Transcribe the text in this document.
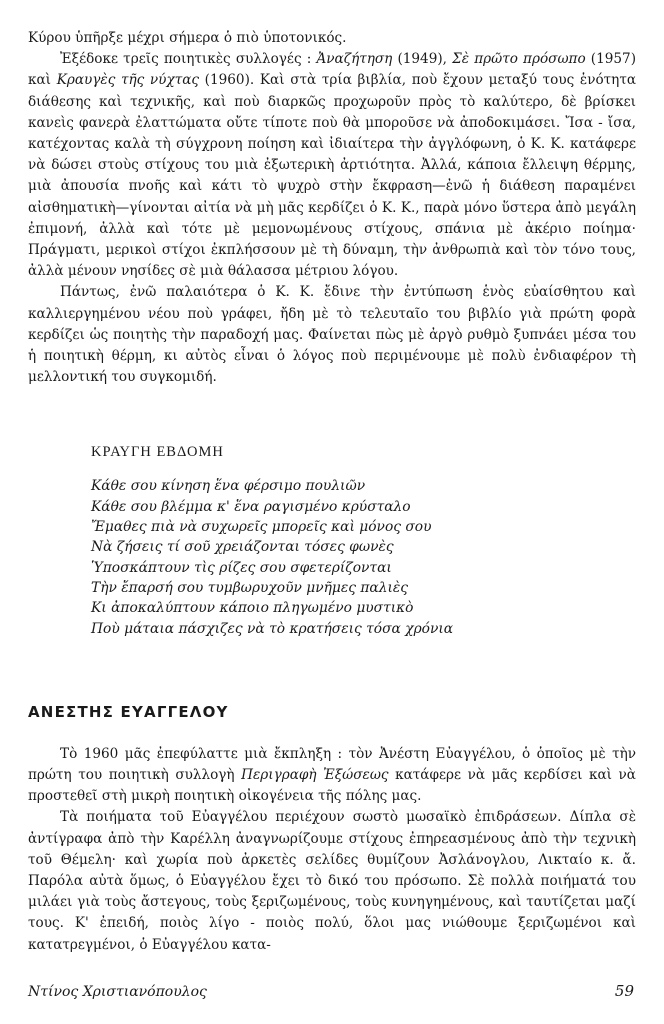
Κύρου ὑπῆρξε μέχρι σήμερα ὁ πιὸ ὑποτονικός.

Ἐξέδοκε τρεῖς ποιητικὲς συλλογές : Ἀναζήτηση (1949), Σὲ πρῶτο πρόσωπο (1957) καὶ Κραυγὲς τῆς νύχτας (1960). Καὶ στὰ τρία βιβλία, ποὺ ἔχουν μεταξύ τους ἑνότητα διάθεσης καὶ τεχνικῆς, καὶ ποὺ διαρκῶς προχωροῦν πρὸς τὸ καλύτερο, δὲ βρίσκει κανεὶς φανερὰ ἐλαττώματα οὔτε τίποτε ποὺ θὰ μποροῦσε νὰ ἀποδοκιμάσει. Ἴσα - ἴσα, κατέχοντας καλὰ τὴ σύγχρονη ποίηση καὶ ἰδιαίτερα τὴν ἀγγλόφωνη, ὁ Κ. Κ. κατάφερε νὰ δώσει στοὺς στίχους του μιὰ ἐξωτερικὴ ἀρτιότητα. Ἀλλά, κάποια ἔλλειψη θέρμης, μιὰ ἀπουσία πνοῆς καὶ κάτι τὸ ψυχρὸ στὴν ἔκφραση—ἐνῶ ἡ διάθεση παραμένει αἰσθηματικὴ—γίνονται αἰτία νὰ μὴ μᾶς κερδίζει ὁ Κ. Κ., παρὰ μόνο ὕστερα ἀπὸ μεγάλη ἐπιμονή, ἀλλὰ καὶ τότε μὲ μεμονωμένους στίχους, σπάνια μὲ ἀκέριο ποίημα· Πράγματι, μερικοὶ στίχοι ἐκπλήσσουν μὲ τὴ δύναμη, τὴν ἀνθρωπιὰ καὶ τὸν τόνο τους, ἀλλὰ μένουν νησίδες σὲ μιὰ θάλασσα μέτριου λόγου.

Πάντως, ἐνῶ παλαιότερα ὁ Κ. Κ. ἔδινε τὴν ἐντύπωση ἑνὸς εὐαίσθητου καὶ καλλιεργημένου νέου ποὺ γράφει, ἤδη μὲ τὸ τελευταῖο του βιβλίο γιὰ πρώτη φορὰ κερδίζει ὡς ποιητὴς τὴν παραδοχή μας. Φαίνεται πὼς μὲ ἀργὸ ρυθμὸ ξυπνάει μέσα του ἡ ποιητικὴ θέρμη, κι αὐτὸς εἶναι ὁ λόγος ποὺ περιμένουμε μὲ πολὺ ἐνδιαφέρον τὴ μελλοντική του συγκομιδή.

ΚΡΑΥΓΗ ΕΒΔΟΜΗ
Κάθε σου κίνηση ἕνα φέρσιμο πουλιῶν
Κάθε σου βλέμμα κ' ἕνα ραγισμένο κρύσταλο
Ἔμαθες πιὰ νὰ συχωρεῖς μπορεῖς καὶ μόνος σου
Νὰ ζήσεις τί σοῦ χρειάζονται τόσες φωνὲς
Ὑποσκάπτουν τὶς ρίζες σου σφετερίζονται
Τὴν ἔπαρσή σου τυμβωρυχοῦν μνῆμες παλιὲς
Κι ἀποκαλύπτουν κάποιο πληγωμένο μυστικὸ
Ποὺ μάταια πάσχιζες νὰ τὸ κρατήσεις τόσα χρόνια
ΑΝΕΣΤΗΣ ΕΥΑΓΓΕΛΟΥ

Τὸ 1960 μᾶς ἐπεφύλαττε μιὰ ἔκπληξη : τὸν Ἀνέστη Εὐαγγέλου, ὁ ὁποῖος μὲ τὴν πρώτη του ποιητικὴ συλλογὴ Περιγραφὴ Ἐξώσεως κατάφερε νὰ μᾶς κερδίσει καὶ νὰ προστεθεῖ στὴ μικρὴ ποιητικὴ οἰκογένεια τῆς πόλης μας.

Τὰ ποιήματα τοῦ Εὐαγγέλου περιέχουν σωστὸ μωσαϊκὸ ἐπιδράσεων. Δίπλα σὲ ἀντίγραφα ἀπὸ τὴν Καρέλλη ἀναγνωρίζουμε στίχους ἐπηρεασμένους ἀπὸ τὴν τεχνικὴ τοῦ Θέμελη· καὶ χωρία ποὺ ἀρκετὲς σελίδες θυμίζουν Ἀσλάνογλου, Λικταίο κ. ἄ. Παρόλα αὐτὰ ὅμως, ὁ Εὐαγγέλου ἔχει τὸ δικό του πρόσωπο. Σὲ πολλὰ ποιήματά του μιλάει γιὰ τοὺς ἄστεγους, τοὺς ξεριζωμένους, τοὺς κυνηγημένους, καὶ ταυτίζεται μαζί τους. Κ' ἐπειδή, ποιὸς λίγο - ποιὸς πολύ, ὅλοι μας νιώθουμε ξεριζωμένοι καὶ κατατρεγμένοι, ὁ Εὐαγγέλου κατα-

Ντίνος Χριστιανόπουλος	59
